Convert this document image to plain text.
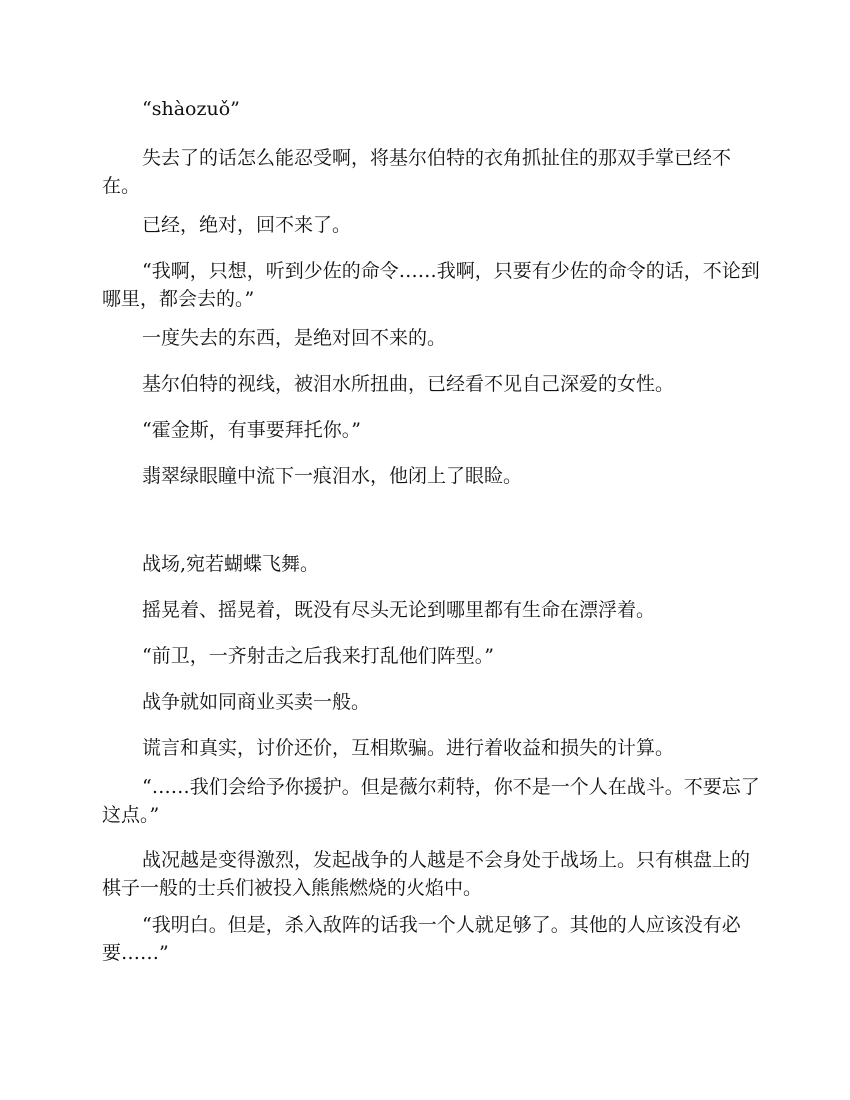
“shàozuǒ”

失去了的话怎么能忍受啊，将基尔伯特的衣角抓扯住的那双手掌已经不在。

已经，绝对，回不来了。

“我啊，只想，听到少佐的命令……我啊，只要有少佐的命令的话，不论到哪里，都会去的。”

一度失去的东西，是绝对回不来的。

基尔伯特的视线，被泪水所扭曲，已经看不见自己深爱的女性。

“霍金斯，有事要拜托你。”

翡翠绿眼瞳中流下一痕泪水，他闭上了眼睑。

战场,宛若蝴蝶飞舞。

摇晃着、摇晃着，既没有尽头无论到哪里都有生命在漂浮着。

“前卫，一齐射击之后我来打乱他们阵型。”

战争就如同商业买卖一般。

谎言和真实，讨价还价，互相欺骗。进行着收益和损失的计算。

“……我们会给予你援护。但是薇尔莉特，你不是一个人在战斗。不要忘了这点。”

战况越是变得激烈，发起战争的人越是不会身处于战场上。只有棋盘上的棋子一般的士兵们被投入熊熊燃烧的火焰中。

“我明白。但是，杀入敌阵的话我一个人就足够了。其他的人应该没有必要……”
